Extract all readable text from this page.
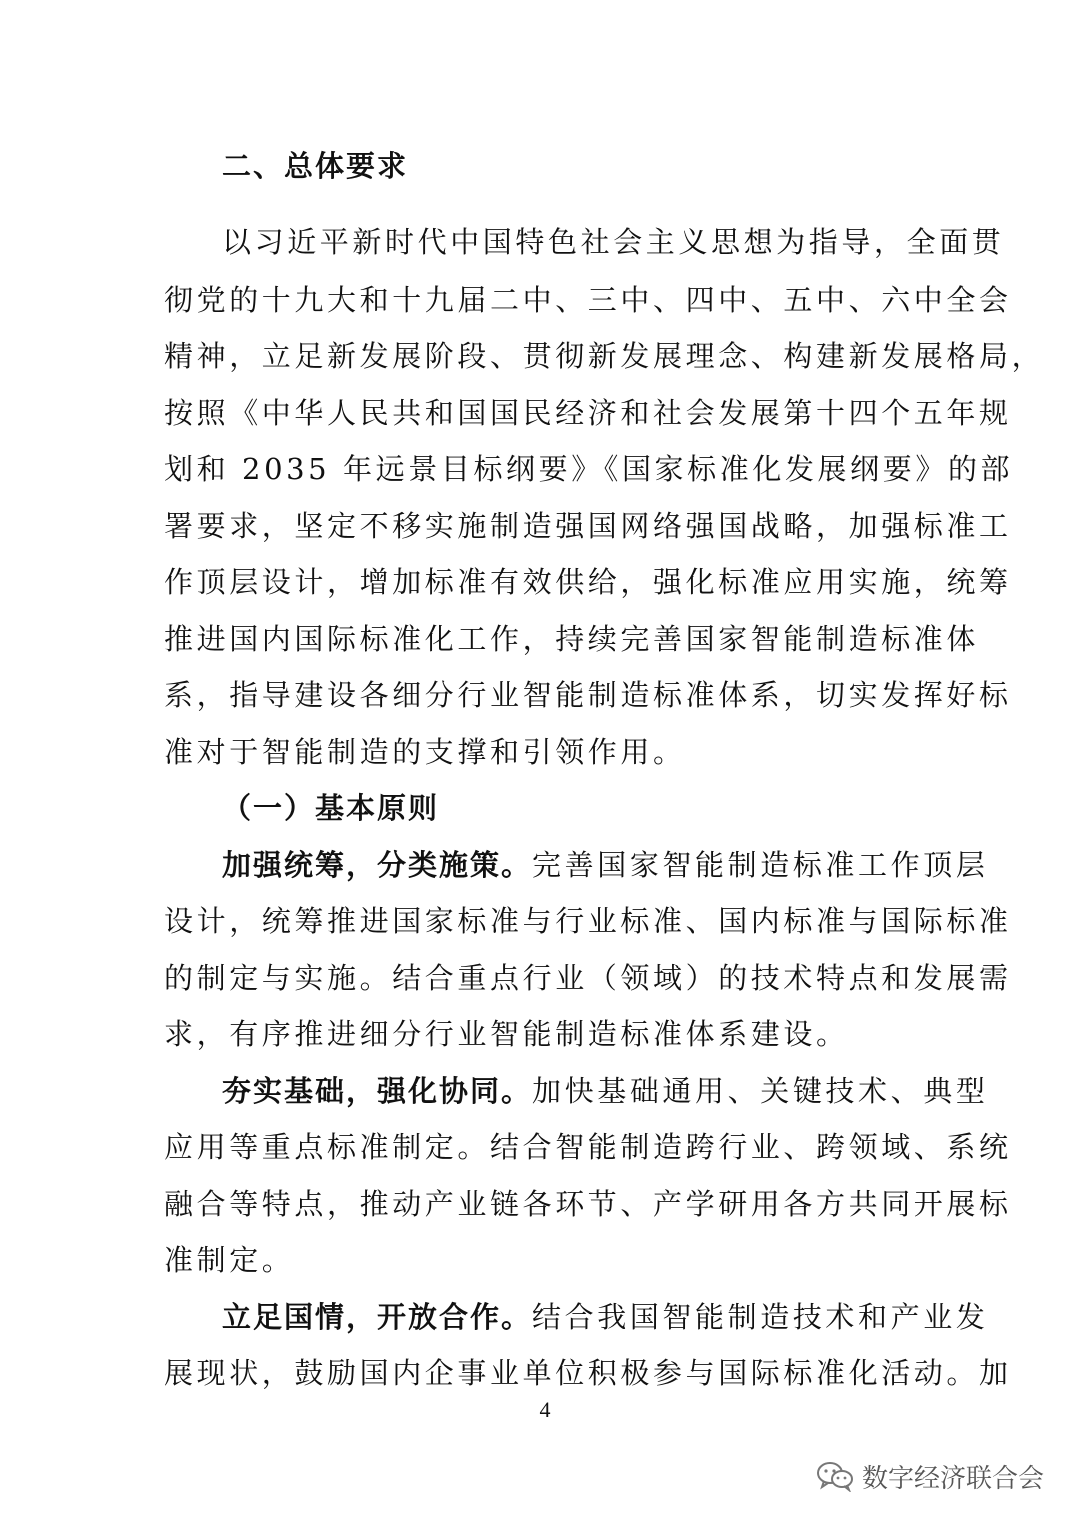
二、总体要求
以习近平新时代中国特色社会主义思想为指导，全面贯
彻党的十九大和十九届二中、三中、四中、五中、六中全会
精神，立足新发展阶段、贯彻新发展理念、构建新发展格局，
按照《中华人民共和国国民经济和社会发展第十四个五年规
划和 2035 年远景目标纲要》《国家标准化发展纲要》的部
署要求，坚定不移实施制造强国网络强国战略，加强标准工
作顶层设计，增加标准有效供给，强化标准应用实施，统筹
推进国内国际标准化工作，持续完善国家智能制造标准体
系，指导建设各细分行业智能制造标准体系，切实发挥好标
准对于智能制造的支撑和引领作用。
（一）基本原则
加强统筹，分类施策。完善国家智能制造标准工作顶层
设计，统筹推进国家标准与行业标准、国内标准与国际标准
的制定与实施。结合重点行业（领域）的技术特点和发展需
求，有序推进细分行业智能制造标准体系建设。
夯实基础，强化协同。加快基础通用、关键技术、典型
应用等重点标准制定。结合智能制造跨行业、跨领域、系统
融合等特点，推动产业链各环节、产学研用各方共同开展标
准制定。
立足国情，开放合作。结合我国智能制造技术和产业发
展现状，鼓励国内企事业单位积极参与国际标准化活动。加
4
数字经济联合会
